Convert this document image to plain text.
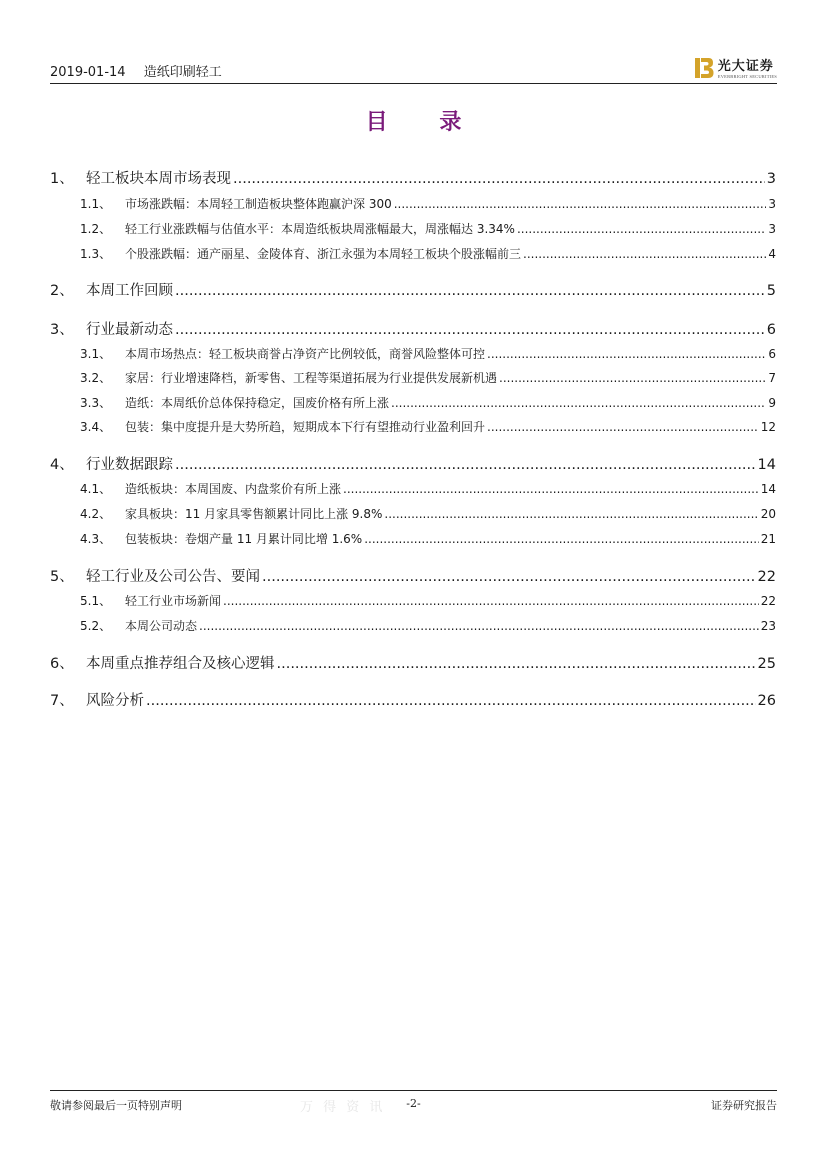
2019-01-14 造纸印刷轻工	光大证券
EVERBRIGHT SECURITIES
目 录
1、 轻工板块本周市场表现 .....	3
1.1、	市场涨跌幅：本周轻工制造板块整体跑赢沪深 300 .....	3
1.2、	轻工行业涨跌幅与估值水平：本周造纸板块周涨幅最大，周涨幅达 3.34% .....	3
1.3、	个股涨跌幅：通产丽星、金陵体育、浙江永强为本周轻工板块个股涨幅前三 .....	4
2、 本周工作回顾 .....	5
3、 行业最新动态 .....	6
3.1、	本周市场热点：轻工板块商誉占净资产比例较低，商誉风险整体可控 .....	6
3.2、	家居：行业增速降档，新零售、工程等渠道拓展为行业提供发展新机遇 .....	7
3.3、	造纸：本周纸价总体保持稳定，国废价格有所上涨 .....	9
3.4、	包装：集中度提升是大势所趋，短期成本下行有望推动行业盈利回升 .....	12
4、 行业数据跟踪 .....	14
4.1、	造纸板块：本周国废、内盘浆价有所上涨 .....	14
4.2、	家具板块：11 月家具零售额累计同比上涨 9.8% .....	20
4.3、	包装板块：卷烟产量 11 月累计同比增 1.6% .....	21
5、 轻工行业及公司公告、要闻 .....	22
5.1、	轻工行业市场新闻 .....	22
5.2、	本周公司动态 .....	23
6、 本周重点推荐组合及核心逻辑 .....	25
7、 风险分析 .....	26
万 得 资 讯
敬请参阅最后一页特别声明	-2-	证券研究报告
